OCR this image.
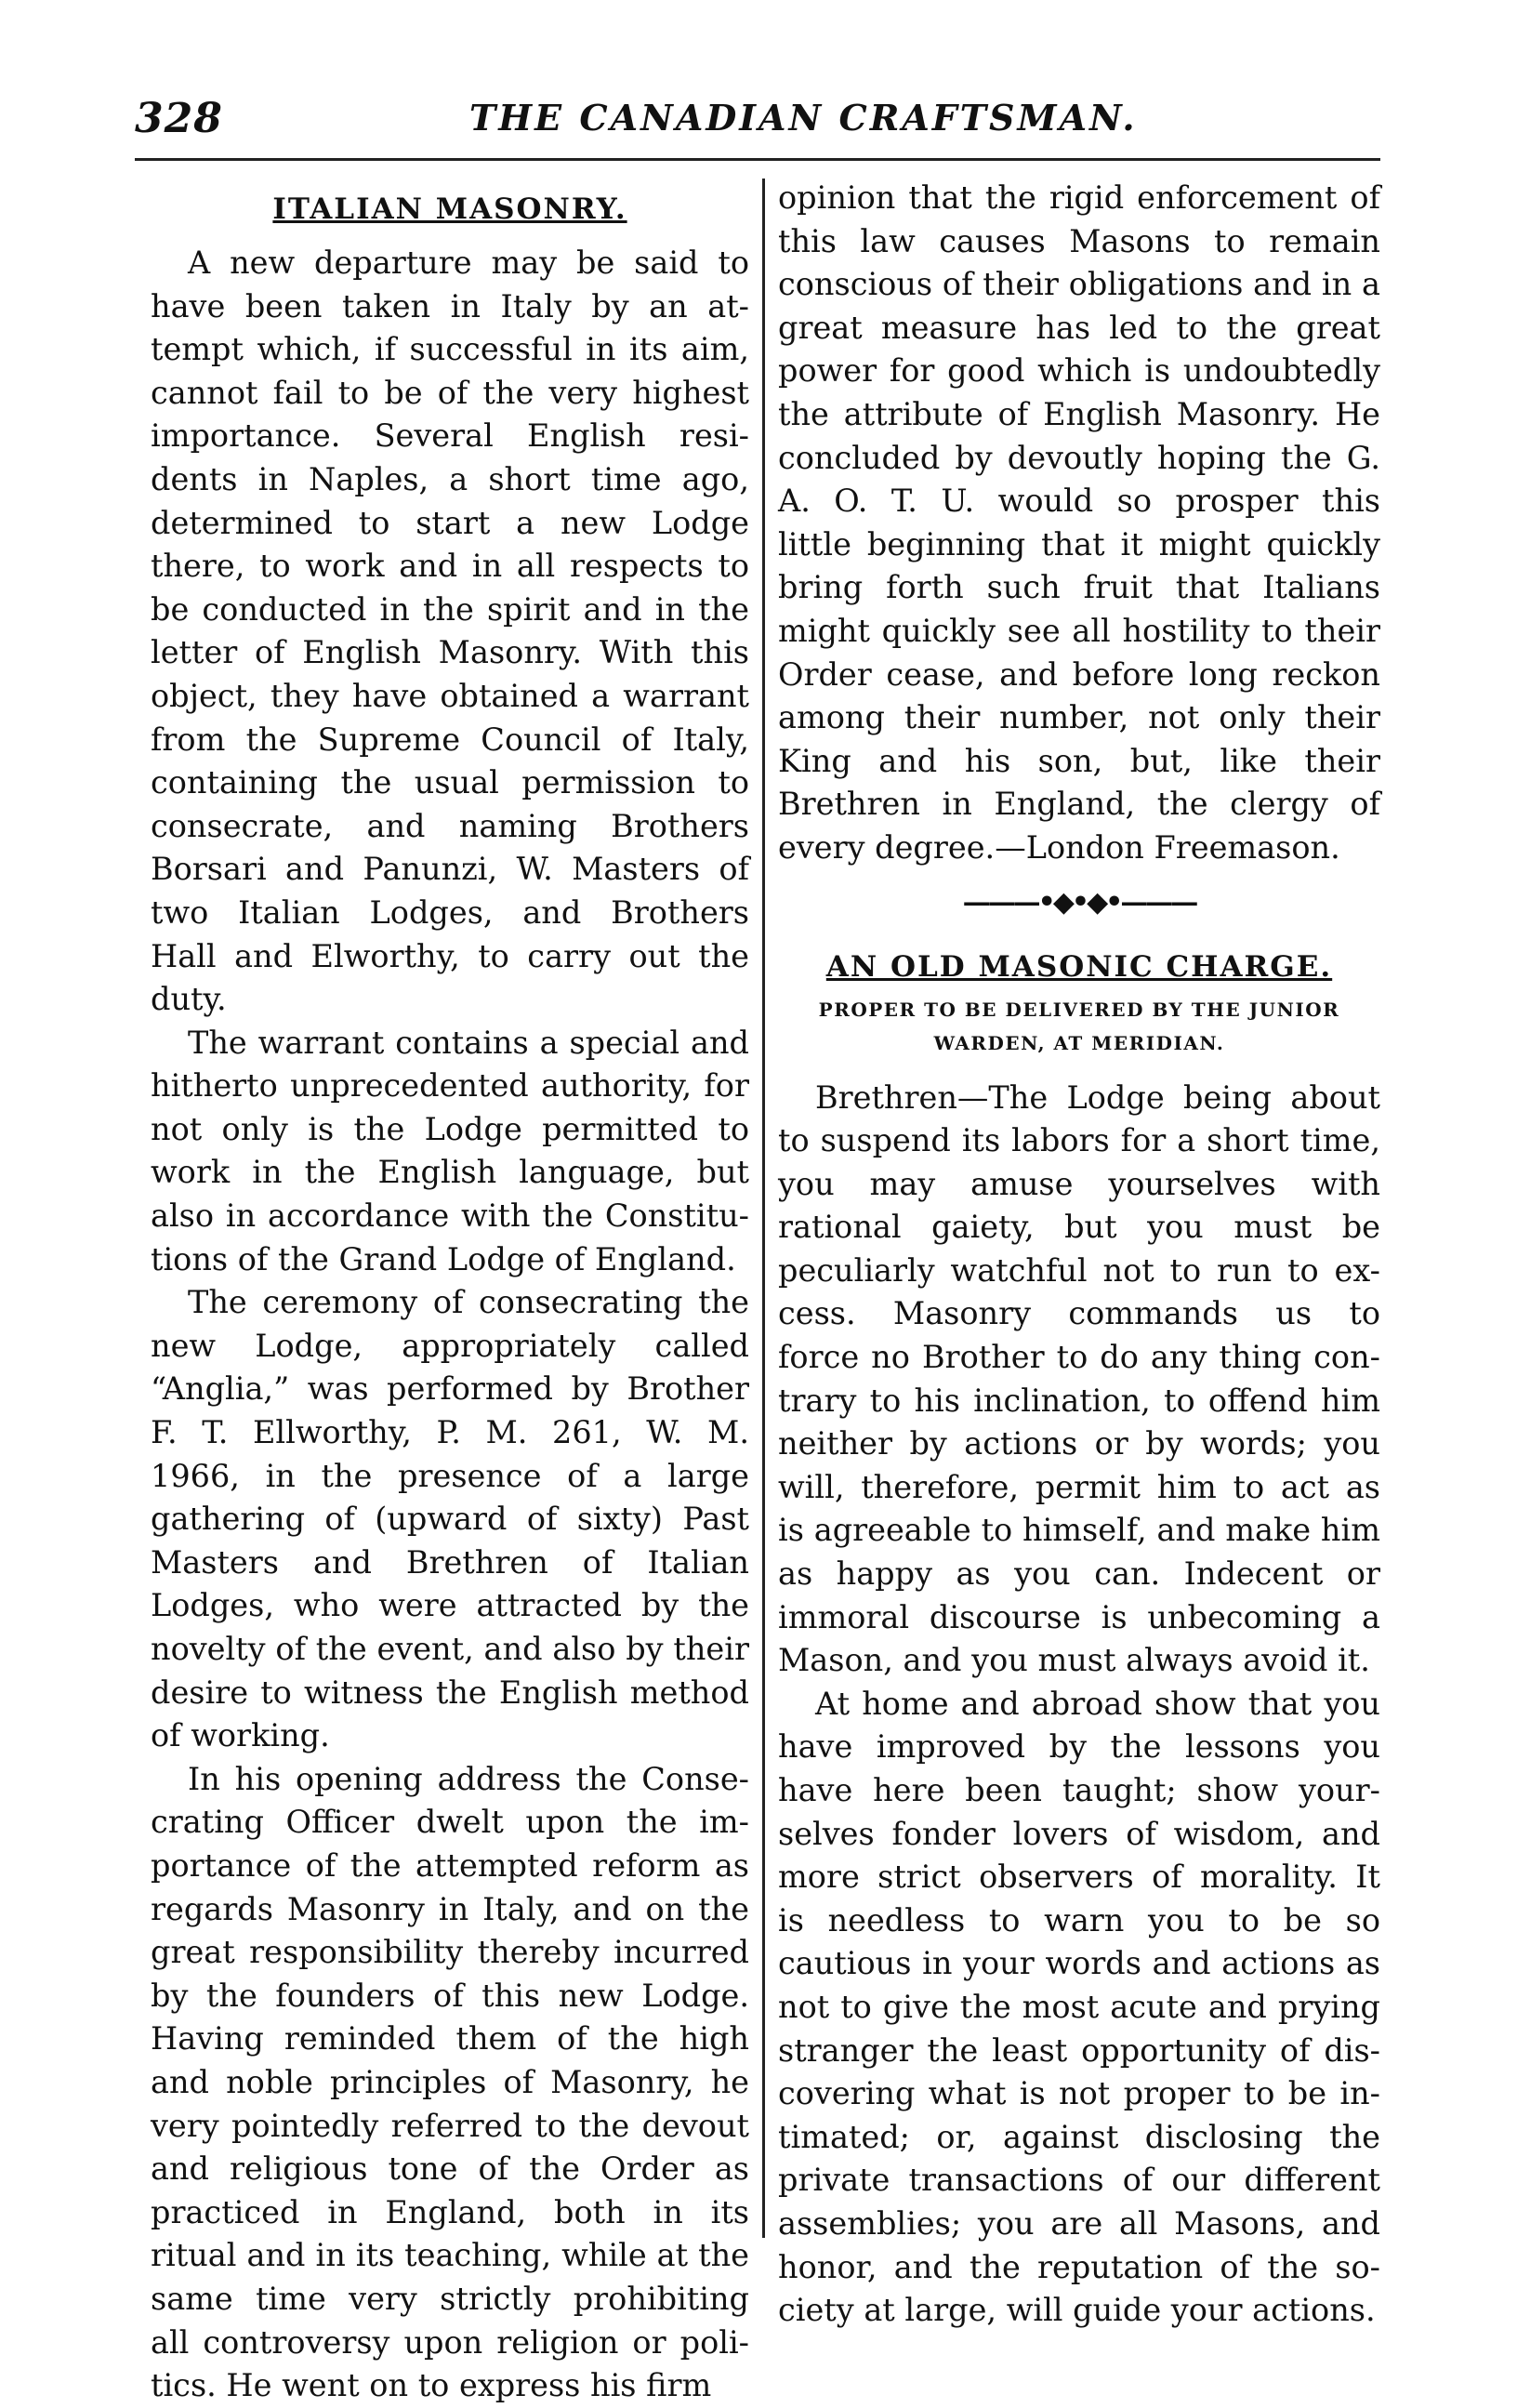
328	THE CANADIAN CRAFTSMAN.
ITALIAN MASONRY.
A new departure may be said to
have been taken in Italy by an at-
tempt which, if successful in its aim,
cannot fail to be of the very highest
importance. Several English resi-
dents in Naples, a short time ago,
determined to start a new Lodge
there, to work and in all respects to
be conducted in the spirit and in the
letter of English Masonry. With this
object, they have obtained a warrant
from the Supreme Council of Italy,
containing the usual permission to
consecrate, and naming Brothers
Borsari and Panunzi, W. Masters of
two Italian Lodges, and Brothers
Hall and Elworthy, to carry out the
duty.
The warrant contains a special and
hitherto unprecedented authority, for
not only is the Lodge permitted to
work in the English language, but
also in accordance with the Constitu-
tions of the Grand Lodge of England.
The ceremony of consecrating the
new Lodge, appropriately called
“Anglia,” was performed by Brother
F. T. Ellworthy, P. M. 261, W. M.
1966, in the presence of a large
gathering of (upward of sixty) Past
Masters and Brethren of Italian
Lodges, who were attracted by the
novelty of the event, and also by their
desire to witness the English method
of working.
In his opening address the Conse-
crating Officer dwelt upon the im-
portance of the attempted reform as
regards Masonry in Italy, and on the
great responsibility thereby incurred
by the founders of this new Lodge.
Having reminded them of the high
and noble principles of Masonry, he
very pointedly referred to the devout
and religious tone of the Order as
practiced in England, both in its
ritual and in its teaching, while at the
same time very strictly prohibiting
all controversy upon religion or poli-
tics. He went on to express his firm
opinion that the rigid enforcement of
this law causes Masons to remain
conscious of their obligations and in a
great measure has led to the great
power for good which is undoubtedly
the attribute of English Masonry. He
concluded by devoutly hoping the G.
A. O. T. U. would so prosper this
little beginning that it might quickly
bring forth such fruit that Italians
might quickly see all hostility to their
Order cease, and before long reckon
among their number, not only their
King and his son, but, like their
Brethren in England, the clergy of
every degree.—London Freemason.
———•◆•◆•———
AN OLD MASONIC CHARGE.
PROPER TO BE DELIVERED BY THE JUNIOR
WARDEN, AT MERIDIAN.
Brethren—The Lodge being about
to suspend its labors for a short time,
you may amuse yourselves with
rational gaiety, but you must be
peculiarly watchful not to run to ex-
cess. Masonry commands us to
force no Brother to do any thing con-
trary to his inclination, to offend him
neither by actions or by words; you
will, therefore, permit him to act as
is agreeable to himself, and make him
as happy as you can. Indecent or
immoral discourse is unbecoming a
Mason, and you must always avoid it.
At home and abroad show that you
have improved by the lessons you
have here been taught; show your-
selves fonder lovers of wisdom, and
more strict observers of morality. It
is needless to warn you to be so
cautious in your words and actions as
not to give the most acute and prying
stranger the least opportunity of dis-
covering what is not proper to be in-
timated; or, against disclosing the
private transactions of our different
assemblies; you are all Masons, and
honor, and the reputation of the so-
ciety at large, will guide your actions.
